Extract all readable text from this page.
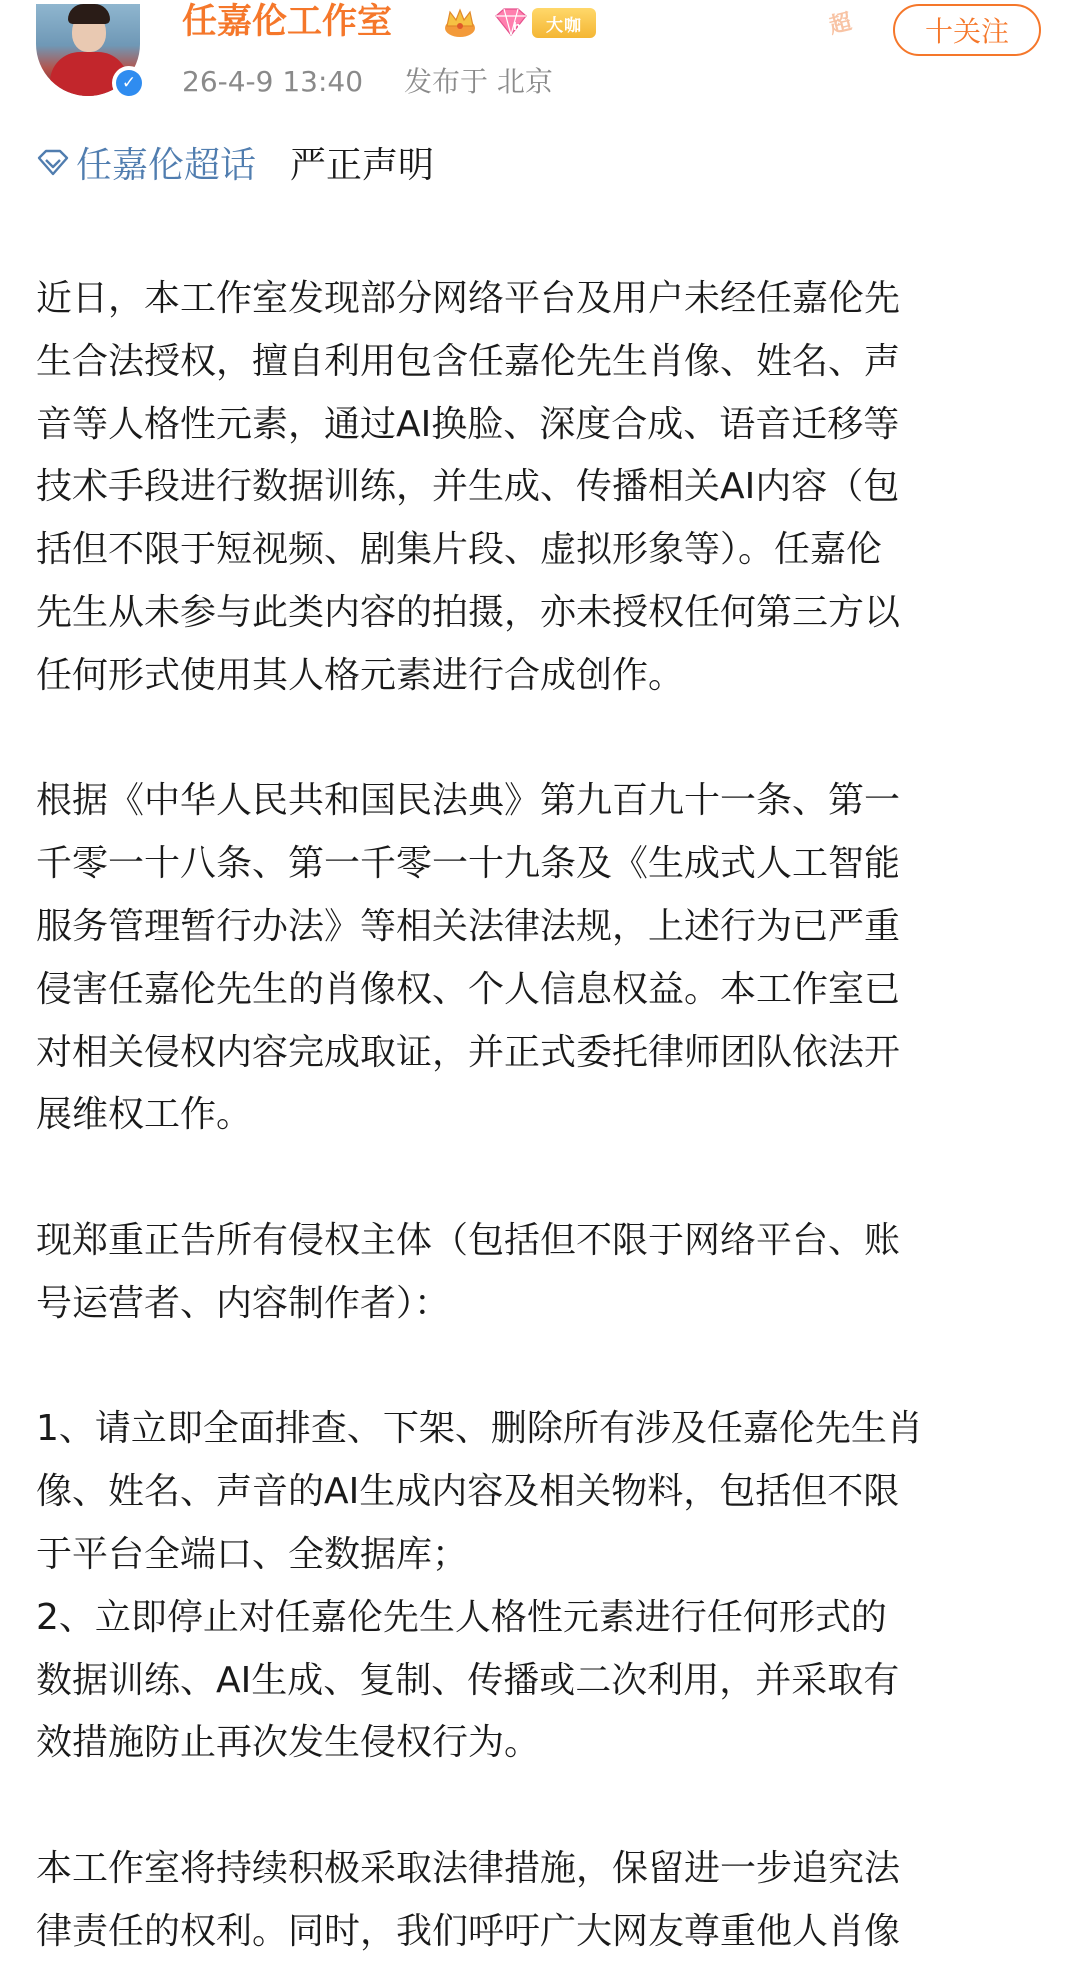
✓
任嘉伦工作室	h	大咖
26-4-9 13:40 发布于 北京
超	十关注
任嘉伦超话 严正声明

近日，本工作室发现部分网络平台及用户未经任嘉伦先

生合法授权，擅自利用包含任嘉伦先生肖像、姓名、声

音等人格性元素，通过AI换脸、深度合成、语音迁移等

技术手段进行数据训练，并生成、传播相关AI内容（包

括但不限于短视频、剧集片段、虚拟形象等）。任嘉伦

先生从未参与此类内容的拍摄，亦未授权任何第三方以

任何形式使用其人格元素进行合成创作。

根据《中华人民共和国民法典》第九百九十一条、第一

千零一十八条、第一千零一十九条及《生成式人工智能

服务管理暂行办法》等相关法律法规，上述行为已严重

侵害任嘉伦先生的肖像权、个人信息权益。本工作室已

对相关侵权内容完成取证，并正式委托律师团队依法开

展维权工作。

现郑重正告所有侵权主体（包括但不限于网络平台、账

号运营者、内容制作者）：

1、请立即全面排查、下架、删除所有涉及任嘉伦先生肖

像、姓名、声音的AI生成内容及相关物料，包括但不限

于平台全端口、全数据库；

2、立即停止对任嘉伦先生人格性元素进行任何形式的

数据训练、AI生成、复制、传播或二次利用，并采取有

效措施防止再次发生侵权行为。

本工作室将持续积极采取法律措施，保留进一步追究法

律责任的权利。同时，我们呼吁广大网友尊重他人肖像
